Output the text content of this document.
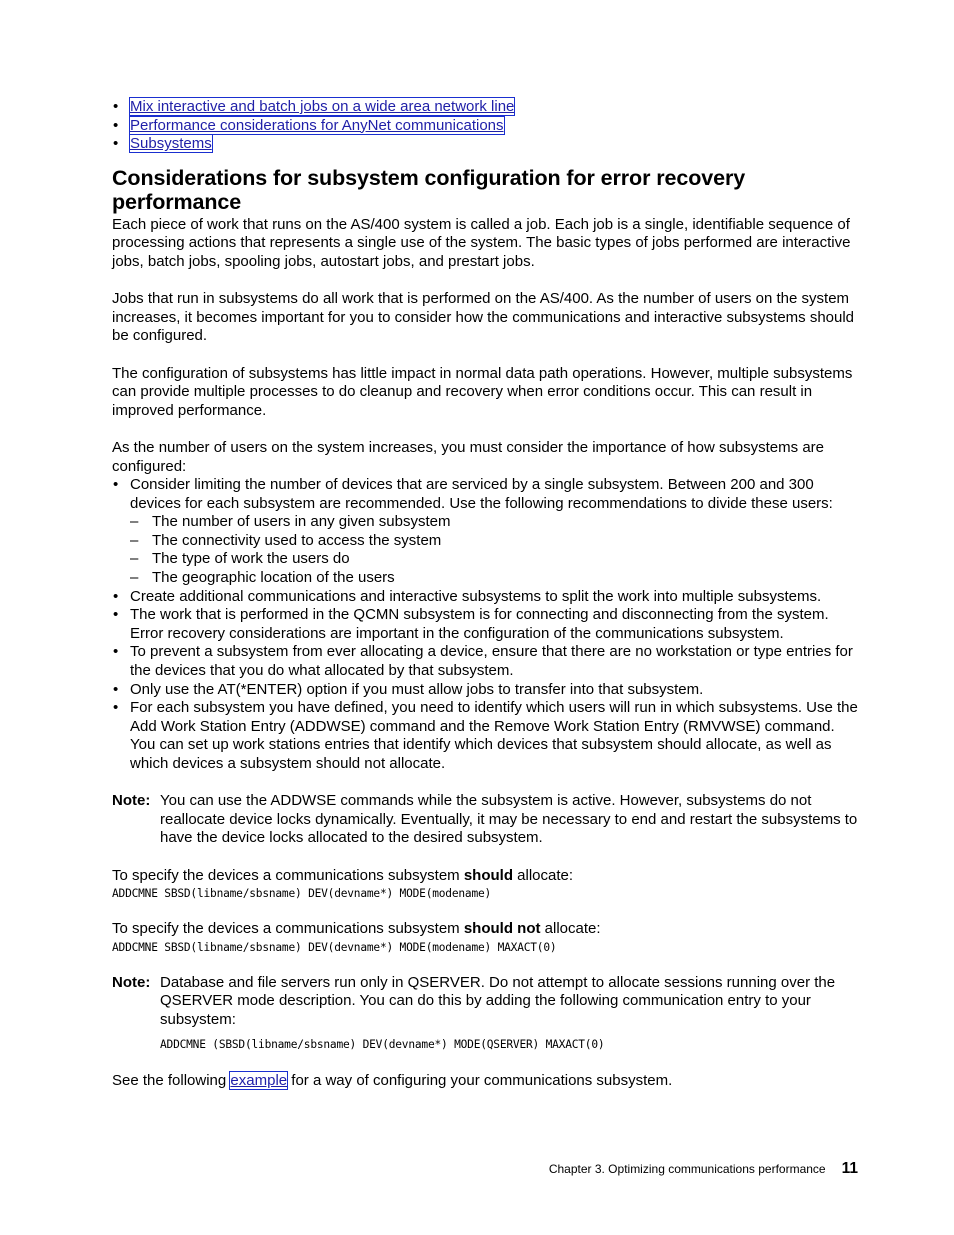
• Mix interactive and batch jobs on a wide area network line
• Performance considerations for AnyNet communications
• Subsystems
Considerations for subsystem configuration for error recovery performance

Each piece of work that runs on the AS/400 system is called a job. Each job is a single, identifiable sequence of processing actions that represents a single use of the system. The basic types of jobs performed are interactive jobs, batch jobs, spooling jobs, autostart jobs, and prestart jobs.

Jobs that run in subsystems do all work that is performed on the AS/400. As the number of users on the system increases, it becomes important for you to consider how the communications and interactive subsystems should be configured.

The configuration of subsystems has little impact in normal data path operations. However, multiple subsystems can provide multiple processes to do cleanup and recovery when error conditions occur. This can result in improved performance.

As the number of users on the system increases, you must consider the importance of how subsystems are configured:

• Consider limiting the number of devices that are serviced by a single subsystem. Between 200 and 300 devices for each subsystem are recommended. Use the following recommendations to divide these users:
– The number of users in any given subsystem
– The connectivity used to access the system
– The type of work the users do
– The geographic location of the users
• Create additional communications and interactive subsystems to split the work into multiple subsystems.
• The work that is performed in the QCMN subsystem is for connecting and disconnecting from the system. Error recovery considerations are important in the configuration of the communications subsystem.
• To prevent a subsystem from ever allocating a device, ensure that there are no workstation or type entries for the devices that you do what allocated by that subsystem.
• Only use the AT(*ENTER) option if you must allow jobs to transfer into that subsystem.
• For each subsystem you have defined, you need to identify which users will run in which subsystems. Use the Add Work Station Entry (ADDWSE) command and the Remove Work Station Entry (RMVWSE) command. You can set up work stations entries that identify which devices that subsystem should allocate, as well as which devices a subsystem should not allocate.
Note: You can use the ADDWSE commands while the subsystem is active. However, subsystems do not reallocate device locks dynamically. Eventually, it may be necessary to end and restart the subsystems to have the device locks allocated to the desired subsystem.

To specify the devices a communications subsystem should allocate:

ADDCMNE SBSD(libname/sbsname) DEV(devname*) MODE(modename)

To specify the devices a communications subsystem should not allocate:

ADDCMNE SBSD(libname/sbsname) DEV(devname*) MODE(modename) MAXACT(0)
Note: Database and file servers run only in QSERVER. Do not attempt to allocate sessions running over the QSERVER mode description. You can do this by adding the following communication entry to your subsystem:
ADDCMNE (SBSD(libname/sbsname) DEV(devname*) MODE(QSERVER) MAXACT(0)

See the following example for a way of configuring your communications subsystem.

Chapter 3. Optimizing communications performance 11
